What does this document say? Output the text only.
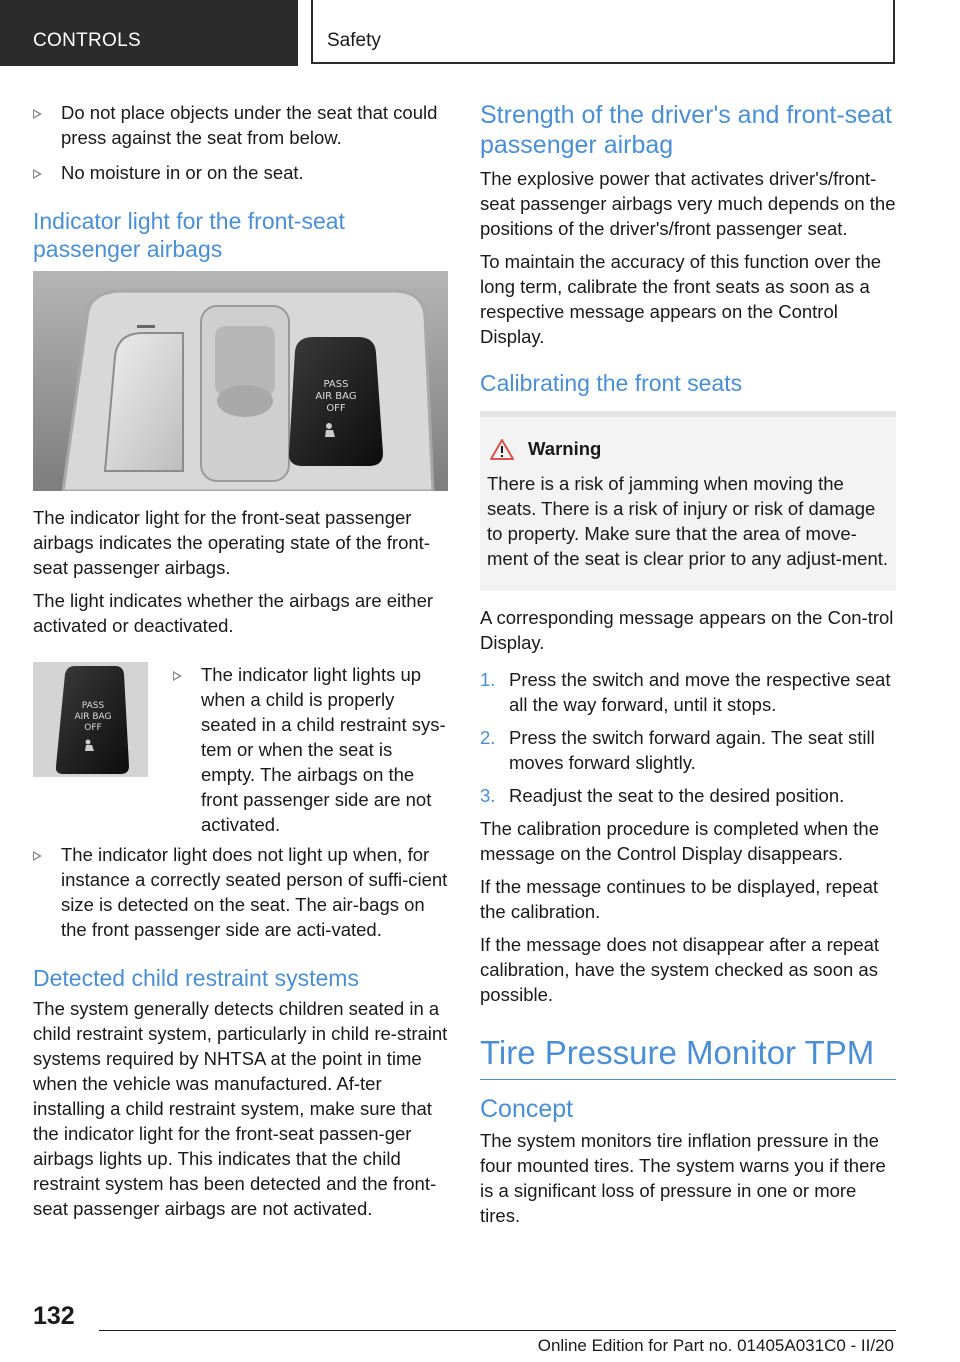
CONTROLS	Safety
Do not place objects under the seat that could press against the seat from below.
No moisture in or on the seat.
Indicator light for the front-seat passenger airbags
PASS
AIR BAG
OFF

The indicator light for the front-seat passenger airbags indicates the operating state of the front-seat passenger airbags.

The light indicates whether the airbags are either activated or deactivated.

PASS
AIR BAG
OFF
The indicator light lights up when a child is properly seated in a child restraint sys-tem or when the seat is empty. The airbags on the front passenger side are not activated.
The indicator light does not light up when, for instance a correctly seated person of suffi-cient size is detected on the seat. The air-bags on the front passenger side are acti-vated.
Detected child restraint systems

The system generally detects children seated in a child restraint system, particularly in child re-straint systems required by NHTSA at the point in time when the vehicle was manufactured. Af-ter installing a child restraint system, make sure that the indicator light for the front-seat passen-ger airbags lights up. This indicates that the child restraint system has been detected and the front-seat passenger airbags are not activated.

Strength of the driver's and front-seat passenger airbag

The explosive power that activates driver's/front-seat passenger airbags very much depends on the positions of the driver's/front passenger seat.

To maintain the accuracy of this function over the long term, calibrate the front seats as soon as a respective message appears on the Control Display.

Calibrating the front seats
Warning

There is a risk of jamming when moving the seats. There is a risk of injury or risk of damage to property. Make sure that the area of move-ment of the seat is clear prior to any adjust-ment.

A corresponding message appears on the Con-trol Display.

1. Press the switch and move the respective seat all the way forward, until it stops.
2. Press the switch forward again. The seat still moves forward slightly.
3. Readjust the seat to the desired position.

The calibration procedure is completed when the message on the Control Display disappears.

If the message continues to be displayed, repeat the calibration.

If the message does not disappear after a repeat calibration, have the system checked as soon as possible.

Tire Pressure Monitor TPM
Concept

The system monitors tire inflation pressure in the four mounted tires. The system warns you if there is a significant loss of pressure in one or more tires.

132
Online Edition for Part no. 01405A031C0 - II/20
